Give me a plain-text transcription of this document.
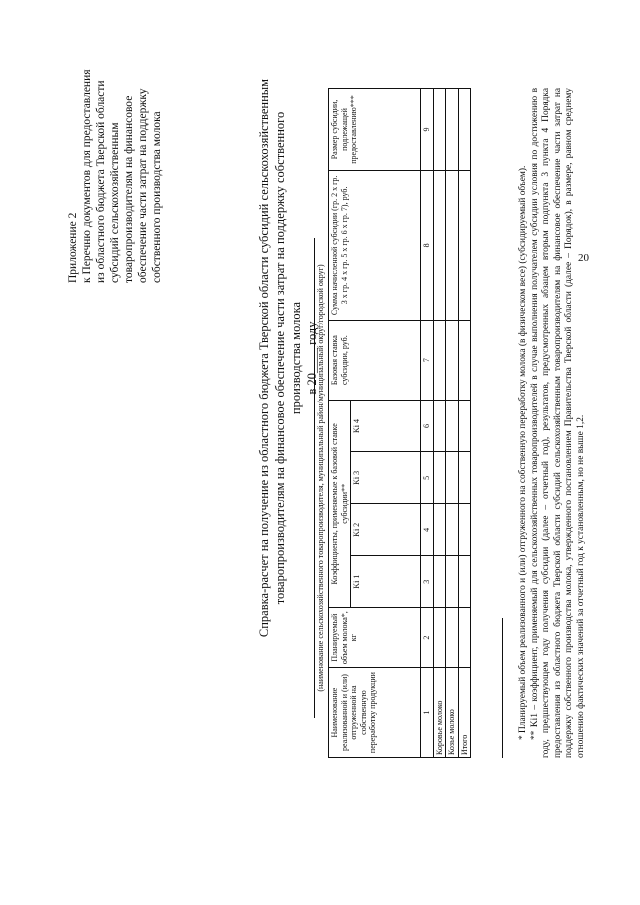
20
Приложение 2 к Перечню документов для предоставления из областного бюджета Тверской области субсидий сельскохозяйственным товаропроизводителям на финансовое обеспечение части затрат на поддержку собственного производства молока	Справка-расчет на получение из областного бюджета Тверской области субсидий сельскохозяйственным товаропроизводителям на финансовое обеспечение части затрат на поддержку собственного производства молока в 20____ году
(наименование сельскохозяйственного товаропроизводителя, муниципальный район/муниципальный округ/городской округ)
Наименование реализованной и (или) отгруженной на собственную переработку продукции	Планируемый объем молока*, кг	Коэффициенты, применяемые к базовой ставке субсидии**				Базовая ставка субсидии, руб.	Сумма начисленной субсидии (гр. 2 x гр. 3 x гр. 4 x гр. 5 x гр. 6 x гр. 7), руб.	Размер субсидии, подлежащей предоставлению***
		Ki 1	Ki 2	Ki 3	Ki 4			
1	2	3	4	5	6	7	8	9
Коровье молоко								
Козье молоко								
Итого								

* Планируемый объем реализованного и (или) отгруженного на собственную переработку молока (в физическом весе) (субсидируемый объем). ** Ki1 – коэффициент, применяемый для сельскохозяйственных товаропроизводителей в случае выполнения получателем субсидии условия по достижению в году, предшествующем году получения субсидии (далее – отчетный год), результатов, предусмотренных абзацем вторым подпункта 3 пункта 4 Порядка предоставления из областного бюджета Тверской области субсидий сельскохозяйственным товаропроизводителям на финансовое обеспечение части затрат на поддержку собственного производства молока, утвержденного постановлением Правительства Тверской области (далее – Порядок), в размере, равном среднему отношению фактических значений за отчетный год к установленным, но не выше 1,2.
